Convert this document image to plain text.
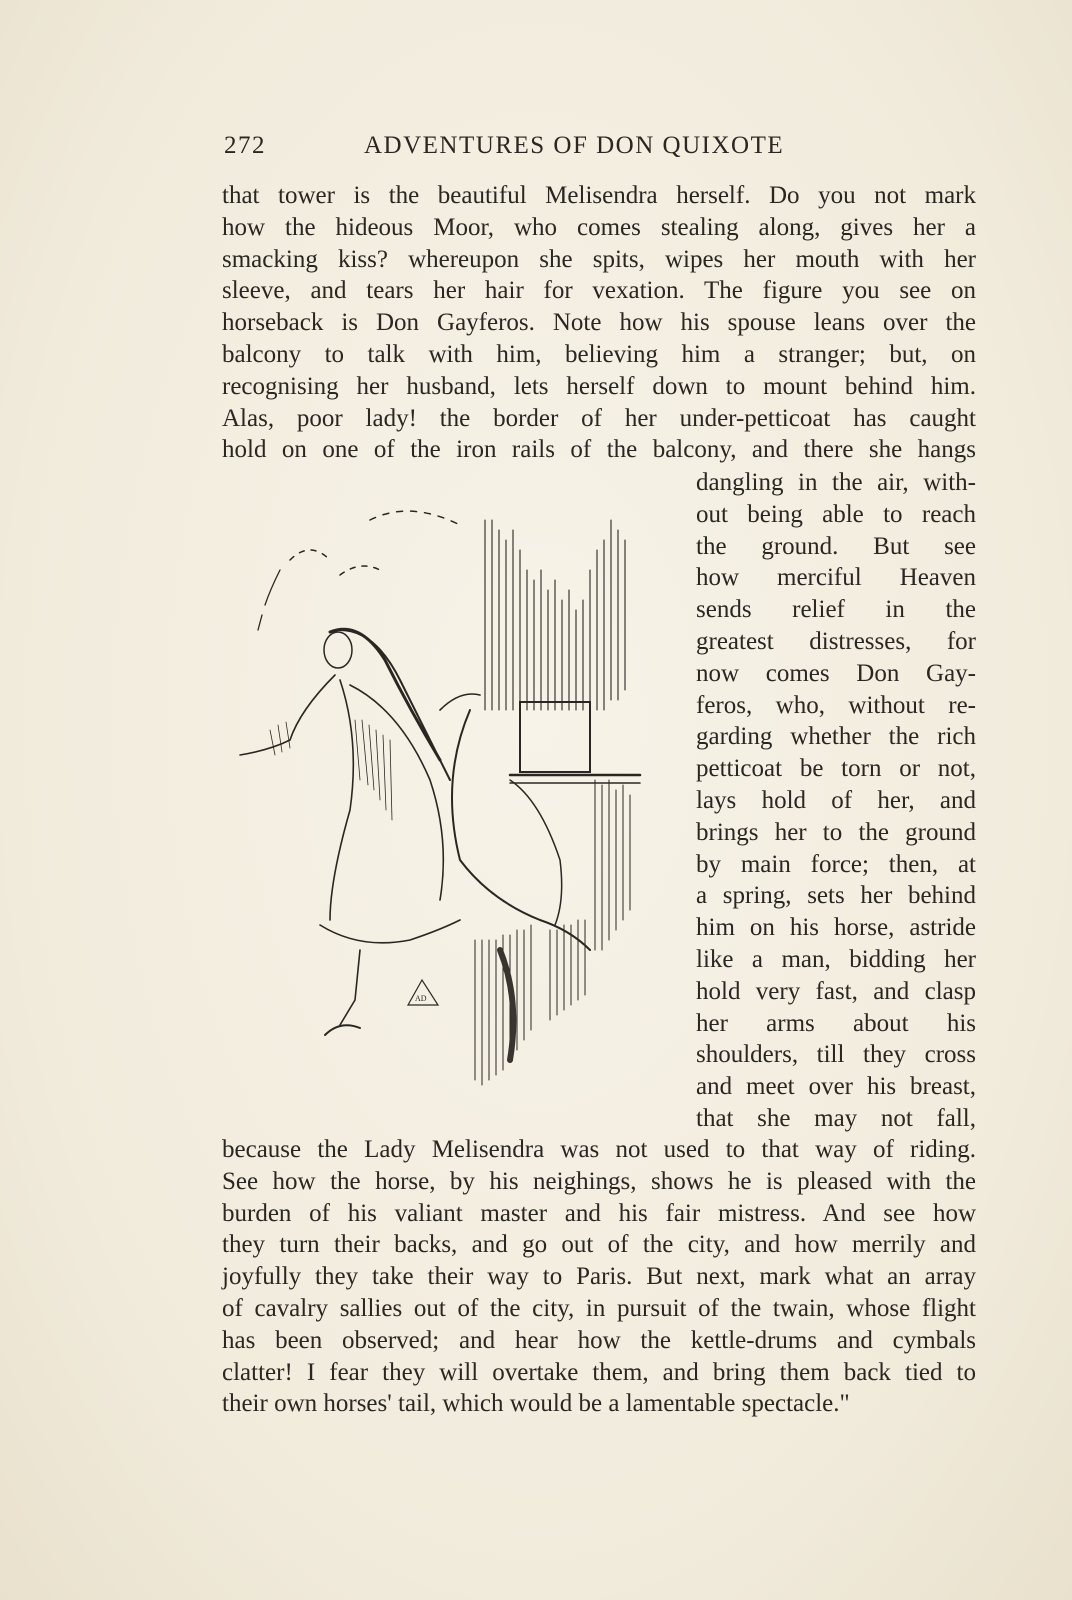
272	ADVENTURES OF DON QUIXOTE
that tower is the beautiful Melisendra herself. Do you not mark
how the hideous Moor, who comes stealing along, gives her a
smacking kiss? whereupon she spits, wipes her mouth with her
sleeve, and tears her hair for vexation. The figure you see on
horseback is Don Gayferos. Note how his spouse leans over the
balcony to talk with him, believing him a stranger; but, on
recognising her husband, lets herself down to mount behind him.
Alas, poor lady! the border of her under-petticoat has caught
hold on one of the iron rails of the balcony, and there she hangs
AD
dangling in the air, with-
out being able to reach
the ground. But see
how merciful Heaven
sends relief in the
greatest distresses, for
now comes Don Gay-
feros, who, without re-
garding whether the rich
petticoat be torn or not,
lays hold of her, and
brings her to the ground
by main force; then, at
a spring, sets her behind
him on his horse, astride
like a man, bidding her
hold very fast, and clasp
her arms about his
shoulders, till they cross
and meet over his breast,
that she may not fall,
because the Lady Melisendra was not used to that way of riding.
See how the horse, by his neighings, shows he is pleased with the
burden of his valiant master and his fair mistress. And see how
they turn their backs, and go out of the city, and how merrily and
joyfully they take their way to Paris. But next, mark what an array
of cavalry sallies out of the city, in pursuit of the twain, whose flight
has been observed; and hear how the kettle-drums and cymbals
clatter! I fear they will overtake them, and bring them back tied to
their own horses' tail, which would be a lamentable spectacle."
